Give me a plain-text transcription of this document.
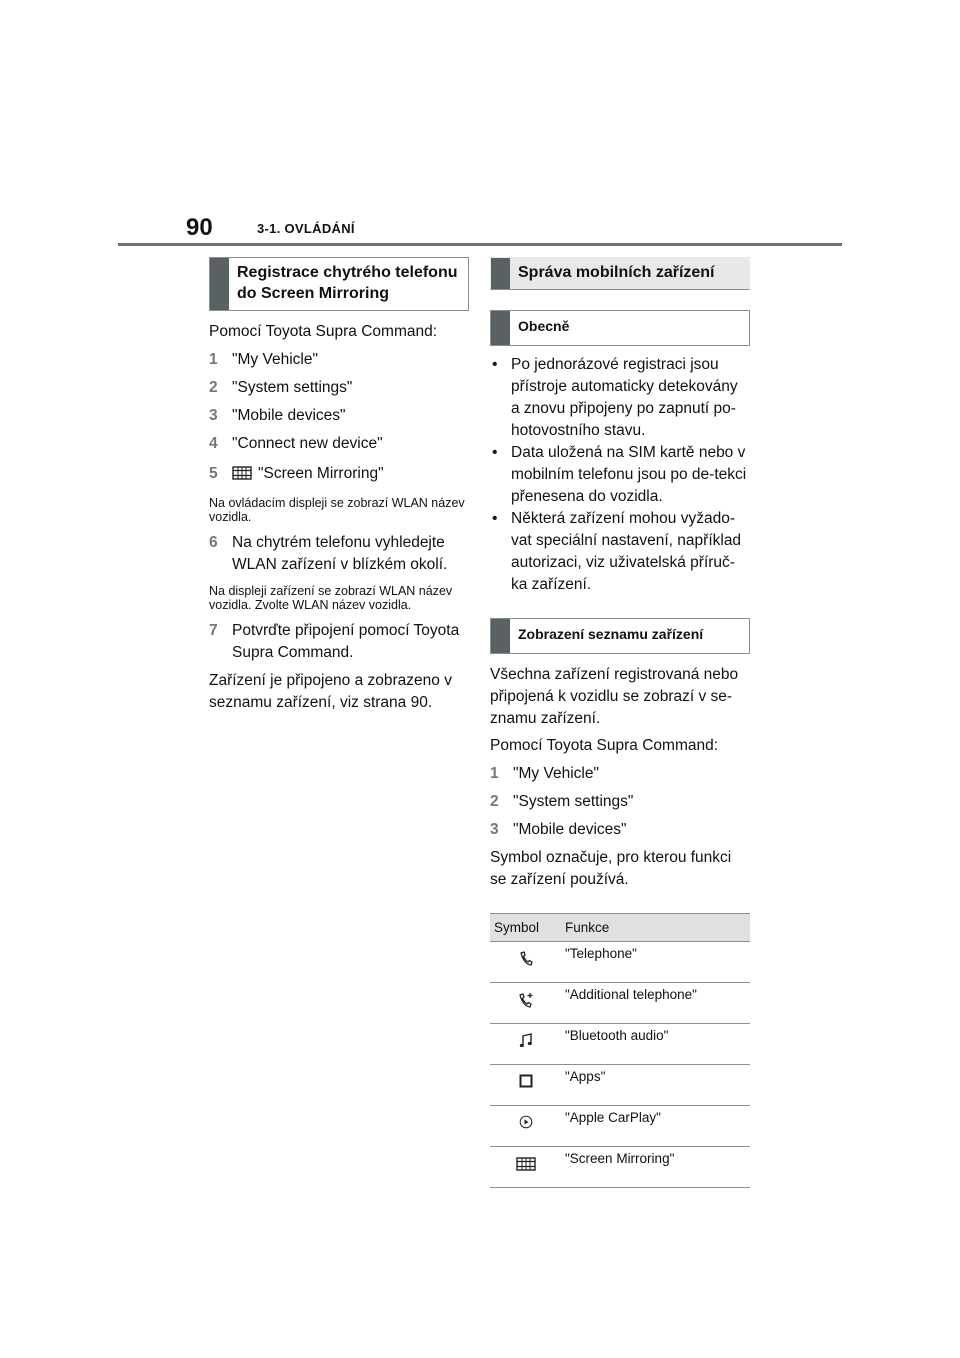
90	3-1. OVLÁDÁNÍ
Registrace chytrého telefonu do Screen Mirroring

Pomocí Toyota Supra Command:

1 "My Vehicle"
2 "System settings"
3 "Mobile devices"
4 "Connect new device"
5	"Screen Mirroring"

Na ovládacím displeji se zobrazí WLAN název vozidla.

6 Na chytrém telefonu vyhledejte WLAN zařízení v blízkém okolí.

Na displeji zařízení se zobrazí WLAN název vozidla. Zvolte WLAN název vozidla.

7 Potvrďte připojení pomocí Toyota Supra Command.

Zařízení je připojeno a zobrazeno v seznamu zařízení, viz strana 90.

Správa mobilních zařízení
Obecně
• Po jednorázové registraci jsou přístroje automaticky detekovány a znovu připojeny po zapnutí po-hotovostního stavu.
• Data uložená na SIM kartě nebo v mobilním telefonu jsou po de-tekci přenesena do vozidla.
• Některá zařízení mohou vyžado-vat speciální nastavení, například autorizaci, viz uživatelská příruč-ka zařízení.
Zobrazení seznamu zařízení

Všechna zařízení registrovaná nebo připojená k vozidlu se zobrazí v se-znamu zařízení.

Pomocí Toyota Supra Command:

1 "My Vehicle"
2 "System settings"
3 "Mobile devices"

Symbol označuje, pro kterou funkci se zařízení používá.

Symbol	Funkce
	"Telephone"
	"Additional telephone"
	"Bluetooth audio"
	"Apps"
	"Apple CarPlay"
	"Screen Mirroring"
